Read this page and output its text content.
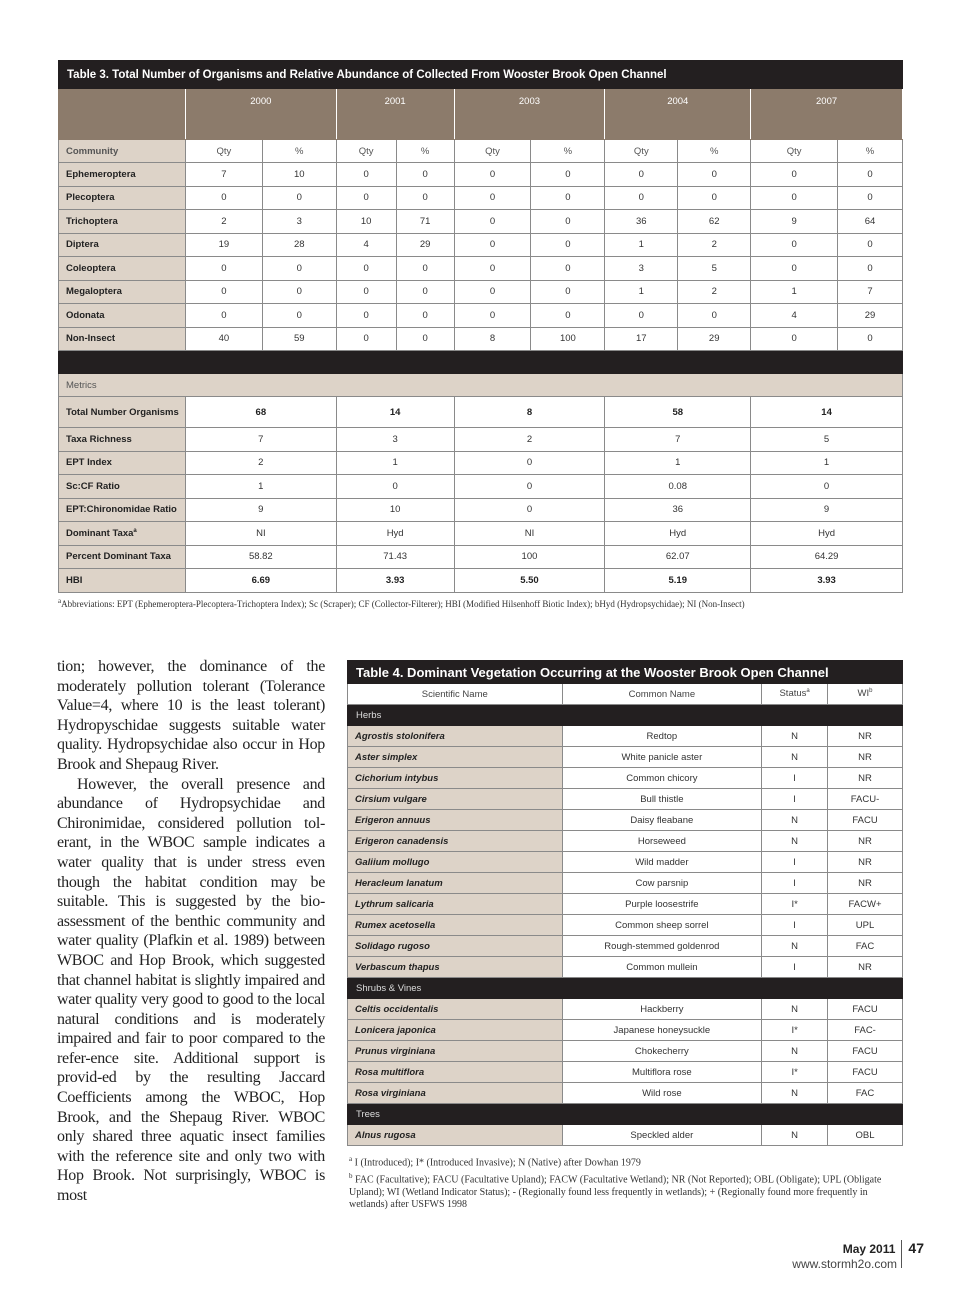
Table 3. Total Number of Organisms and Relative Abundance of Collected From Wooster Brook Open Channel										
	2000		2001		2003		2004		2007	
Community	Qty	%	Qty	%	Qty	%	Qty	%	Qty	%
Ephemeroptera	7	10	0	0	0	0	0	0	0	0
Plecoptera	0	0	0	0	0	0	0	0	0	0
Trichoptera	2	3	10	71	0	0	36	62	9	64
Diptera	19	28	4	29	0	0	1	2	0	0
Coleoptera	0	0	0	0	0	0	3	5	0	0
Megaloptera	0	0	0	0	0	0	1	2	1	7
Odonata	0	0	0	0	0	0	0	0	4	29
Non-Insect	40	59	0	0	8	100	17	29	0	0

Metrics										
Total Number Organisms	68		14		8		58		14	
Taxa Richness	7		3		2		7		5	
EPT Index	2		1		0		1		1	
Sc:CF Ratio	1		0		0		0.08		0	
EPT:Chironomidae Ratio	9		10		0		36		9	
Dominant Taxa$^a$	NI		Hyd		NI		Hyd		Hyd	
Percent Dominant Taxa	58.82		71.43		100		62.07		64.29	
HBI	6.69		3.93		5.50		5.19		3.93	
$^a$Abbreviations: EPT (Ephemeroptera-Plecoptera-Trichoptera Index); Sc (Scraper); CF (Collector-Filterer); HBI (Modified Hilsenhoff Biotic Index); bHyd (Hydropsychidae); NI (Non-Insect)

tion; however, the dominance of the moderately pollution tolerant (Tolerance Value=4, where 10 is the least tolerant) Hydropyschidae suggests suitable water quality. Hydropsychidae also occur in Hop Brook and Shepaug River.

However, the overall presence and abundance of Hydropsychidae and Chironimidae, considered pollution tol-erant, in the WBOC sample indicates a water quality that is under stress even though the habitat condition may be suitable. This is suggested by the bio-assessment of the benthic community and water quality (Plafkin et al. 1989) between WBOC and Hop Brook, which suggested that channel habitat is slightly impaired and water quality very good to good to the local natural conditions and is moderately impaired and fair to poor compared to the refer-ence site. Additional support is provid-ed by the resulting Jaccard Coefficients among the WBOC, Hop Brook, and the Shepaug River. WBOC only shared three aquatic insect families with the reference site and only two with Hop Brook. Not surprisingly, WBOC is most

Table 4. Dominant Vegetation Occurring at the Wooster Brook Open Channel			
Scientific Name	Common Name	Status$^a$	$WI^b$
Herbs			
Agrostis stolonifera	Redtop	N	NR
Aster simplex	White panicle aster	N	NR
Cichorium intybus	Common chicory	I	NR
Cirsium vulgare	Bull thistle	I	FACU-
Erigeron annuus	Daisy fleabane	N	FACU
Erigeron canadensis	Horseweed	N	NR
Galiium mollugo	Wild madder	I	NR
Heracleum lanatum	Cow parsnip	I	NR
Lythrum salicaria	Purple loosestrife	I*	FACW+
Rumex acetosella	Common sheep sorrel	I	UPL
Solidago rugoso	Rough-stemmed goldenrod	N	FAC
Verbascum thapus	Common mullein	I	NR
Shrubs & Vines			
Celtis occidentalis	Hackberry	N	FACU
Lonicera japonica	Japanese honeysuckle	I*	FAC-
Prunus virginiana	Chokecherry	N	FACU
Rosa multiflora	Multiflora rose	I*	FACU
Rosa virginiana	Wild rose	N	FAC
Trees			
Alnus rugosa	Speckled alder	N	OBL

$^a$ I (Introduced); I* (Introduced Invasive); N (Native) after Dowhan 1979

$^b$ FAC (Facultative); FACU (Facultative Upland); FACW (Facultative Wetland); NR (Not Reported); OBL (Obligate); UPL (Obligate Upland); WI (Wetland Indicator Status); - (Regionally found less frequently in wetlands); + (Regionally found more frequently in wetlands) after USFWS 1998

May 2011 47
www.stormh2o.com
